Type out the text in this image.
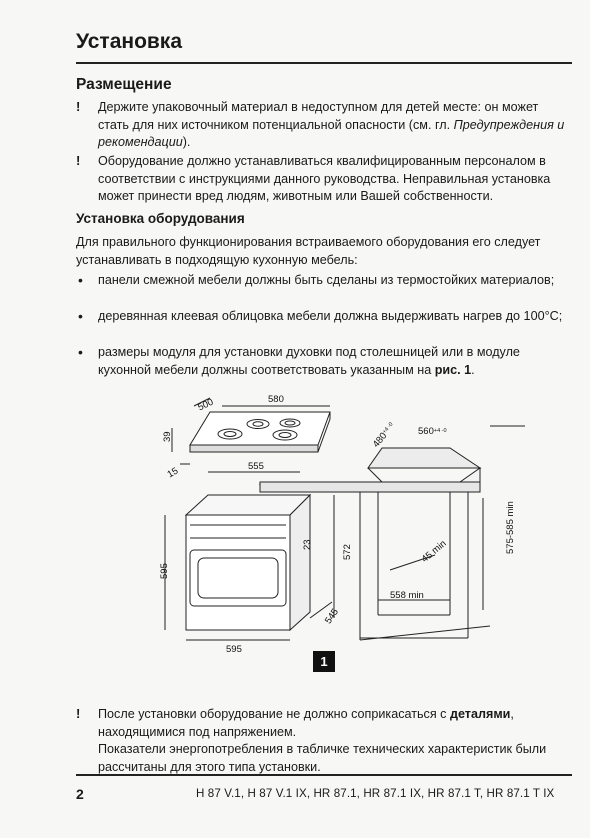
Установка
Размещение
! Держите упаковочный материал в недоступном для детей месте: он может стать для них источником потенциальной опасности (см. гл. Предупреждения и рекомендации).
! Оборудование должно устанавливаться квалифицированным персоналом в соответствии с инструкциями данного руководства. Неправильная установка может принести вред людям, животным или Вашей собственности.
Установка оборудования
Для правильного функционирования встраиваемого оборудования его следует устанавливать в подходящую кухонную мебель:
• панели смежной мебели должны быть сделаны из термостойких материалов;
• деревянная клеевая облицовка мебели должна выдерживать нагрев до 100°C;
• размеры модуля для установки духовки под столешницей или в модуле кухонной мебели должны соответствовать указанным на рис. 1.
580
500
39
15	555
23	572
595
595
545
$480^{+4 -0}$	$560^{+4 -0}$
45 min	575-585 min
558 min
1
! После установки оборудование не должно соприкасаться с деталями, находящимися под напряжением.
Показатели энергопотребления в табличке технических характеристик были рассчитаны для этого типа установки.
2	H 87 V.1, H 87 V.1 IX, HR 87.1, HR 87.1 IX, HR 87.1 T, HR 87.1 T IX
